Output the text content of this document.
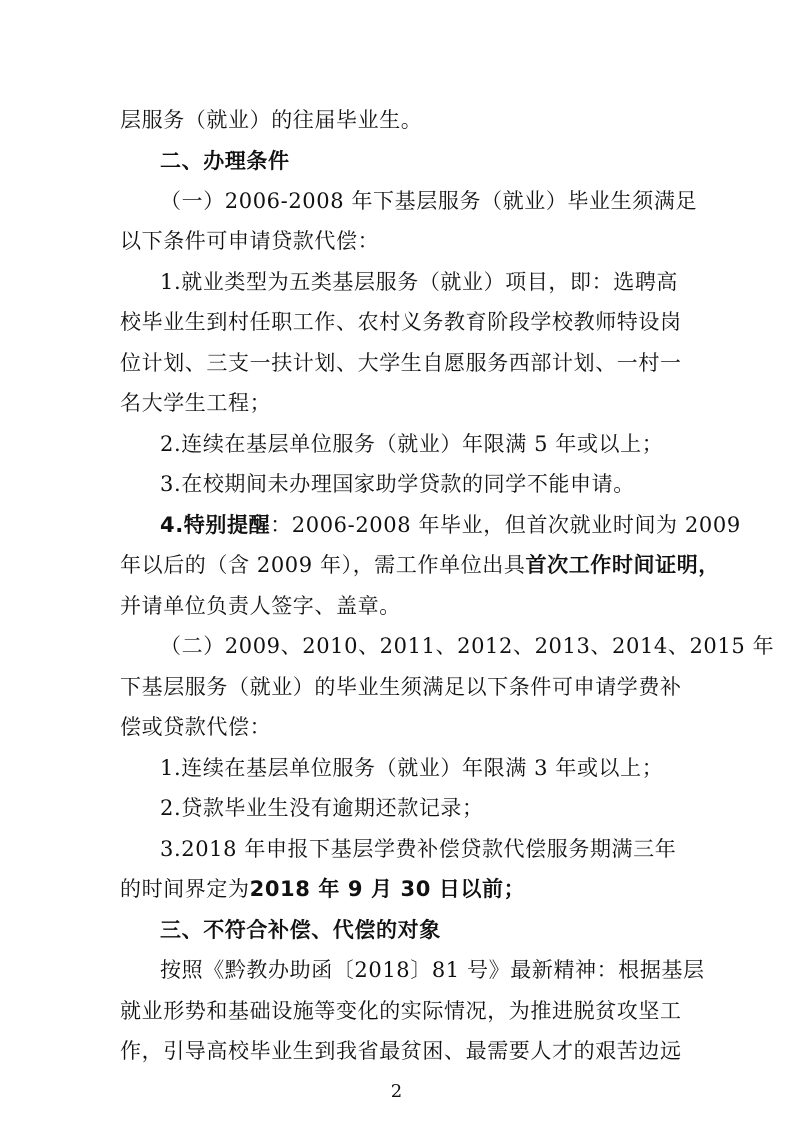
层服务（就业）的往届毕业生。
二、办理条件
（一）2006-2008 年下基层服务（就业）毕业生须满足
以下条件可申请贷款代偿：
1.就业类型为五类基层服务（就业）项目，即：选聘高
校毕业生到村任职工作、农村义务教育阶段学校教师特设岗
位计划、三支一扶计划、大学生自愿服务西部计划、一村一
名大学生工程；
2.连续在基层单位服务（就业）年限满 5 年或以上；
3.在校期间未办理国家助学贷款的同学不能申请。
4.特别提醒：2006-2008 年毕业，但首次就业时间为 2009
年以后的（含 2009 年），需工作单位出具首次工作时间证明，
并请单位负责人签字、盖章。
（二）2009、2010、2011、2012、2013、2014、2015 年
下基层服务（就业）的毕业生须满足以下条件可申请学费补
偿或贷款代偿：
1.连续在基层单位服务（就业）年限满 3 年或以上；
2.贷款毕业生没有逾期还款记录；
3.2018 年申报下基层学费补偿贷款代偿服务期满三年
的时间界定为2018 年 9 月 30 日以前；
三、不符合补偿、代偿的对象
按照《黔教办助函〔2018〕81 号》最新精神：根据基层
就业形势和基础设施等变化的实际情况，为推进脱贫攻坚工
作，引导高校毕业生到我省最贫困、最需要人才的艰苦边远
2
